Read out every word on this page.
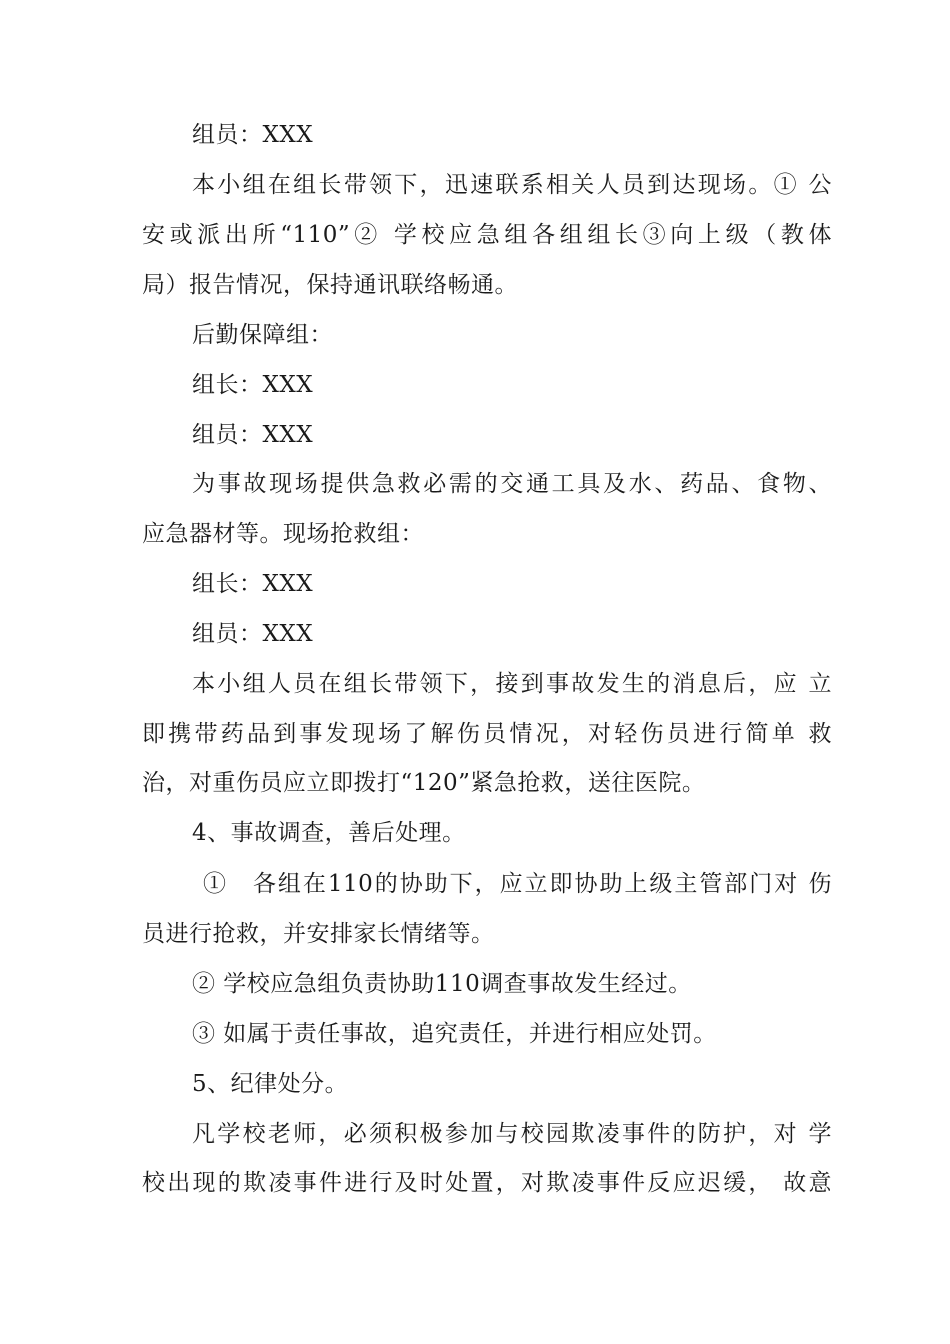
组员：XXX
本小组在组长带领下，迅速联系相关人员到达现场。① 公
安或派出所“110”② 学校应急组各组组长③向上级（教体
局）报告情况，保持通讯联络畅通。
后勤保障组：
组长：XXX
组员：XXX
为事故现场提供急救必需的交通工具及水、药品、食物、
应急器材等。现场抢救组：
组长：XXX
组员：XXX
本小组人员在组长带领下，接到事故发生的消息后，应 立
即携带药品到事发现场了解伤员情况，对轻伤员进行简单 救
治，对重伤员应立即拨打“120”紧急抢救，送往医院。
4、事故调查，善后处理。
①　各组在110的协助下，应立即协助上级主管部门对 伤
员进行抢救，并安排家长情绪等。
② 学校应急组负责协助110调查事故发生经过。
③ 如属于责任事故，追究责任，并进行相应处罚。
5、纪律处分。
凡学校老师，必须积极参加与校园欺凌事件的防护，对 学
校出现的欺凌事件进行及时处置，对欺凌事件反应迟缓， 故意
